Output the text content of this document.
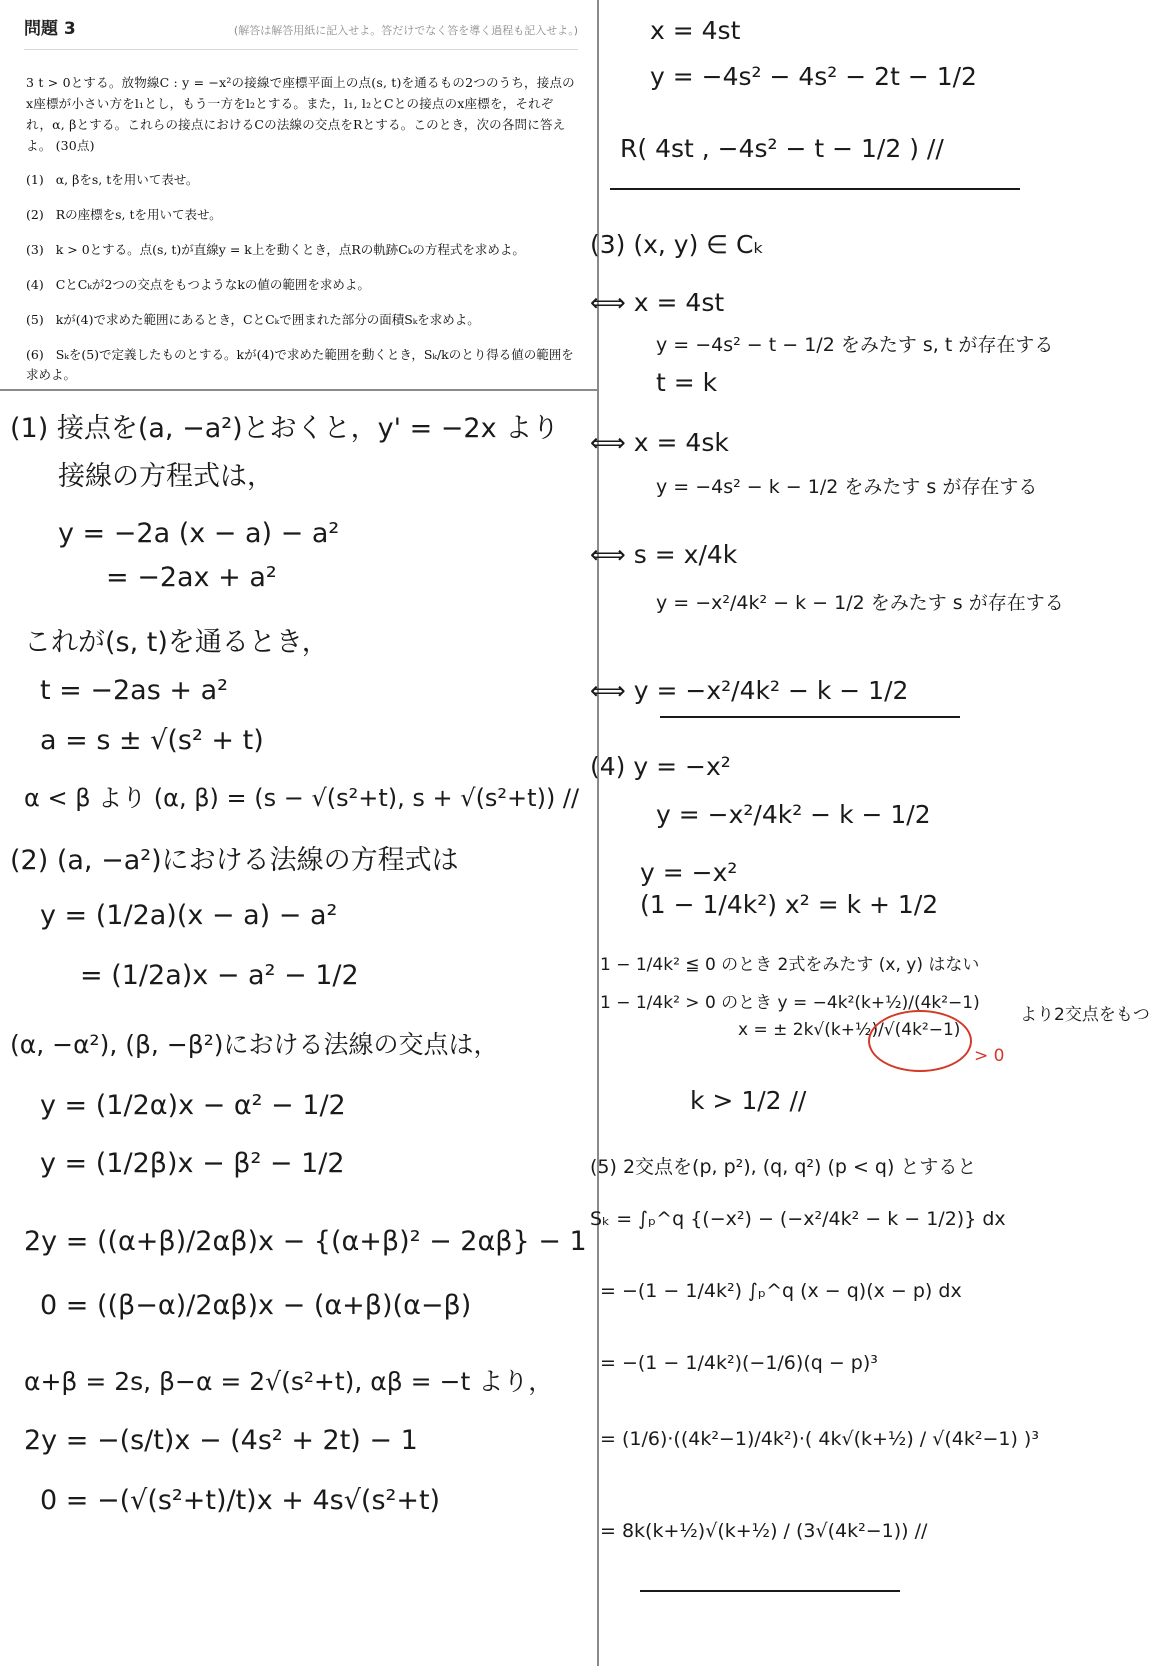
問題 3	(解答は解答用紙に記入せよ。答だけでなく答を導く過程も記入せよ。)

3 t > 0とする。放物線C : y = −x²の接線で座標平面上の点(s, t)を通るもの2つのうち，接点のx座標が小さい方をl₁とし，もう一方をl₂とする。また，l₁, l₂とCとの接点のx座標を，それぞれ，α, βとする。これらの接点におけるCの法線の交点をRとする。このとき，次の各問に答えよ。 (30点)

(1) α, βをs, tを用いて表せ。
(2) Rの座標をs, tを用いて表せ。
(3) k > 0とする。点(s, t)が直線y = k上を動くとき，点Rの軌跡Cₖの方程式を求めよ。
(4) CとCₖが2つの交点をもつようなkの値の範囲を求めよ。
(5) kが(4)で求めた範囲にあるとき，CとCₖで囲まれた部分の面積Sₖを求めよ。
(6) Sₖを(5)で定義したものとする。kが(4)で求めた範囲を動くとき，Sₖ/kのとり得る値の範囲を求めよ。
(1) 接点を(a, −a²)とおくと，y' = −2x より
接線の方程式は，
y = −2a (x − a) − a²
= −2ax + a²
これが(s, t)を通るとき，
t = −2as + a²
a = s ± √(s² + t)
α < β より (α, β) = (s − √(s²+t), s + √(s²+t)) //
(2) (a, −a²)における法線の方程式は
y = (1/2a)(x − a) − a²
= (1/2a)x − a² − 1/2
(α, −α²), (β, −β²)における法線の交点は，
y = (1/2α)x − α² − 1/2
y = (1/2β)x − β² − 1/2
2y = ((α+β)/2αβ)x − {(α+β)² − 2αβ} − 1
0 = ((β−α)/2αβ)x − (α+β)(α−β)
α+β = 2s, β−α = 2√(s²+t), αβ = −t より，
2y = −(s/t)x − (4s² + 2t) − 1
0 = −(√(s²+t)/t)x + 4s√(s²+t)
x = 4st
y = −4s² − 4s² − 2t − 1/2
R( 4st , −4s² − t − 1/2 ) //
(3) (x, y) ∈ Cₖ
⟺ x = 4st
y = −4s² − t − 1/2 をみたす s, t が存在する
t = k
⟺ x = 4sk
y = −4s² − k − 1/2 をみたす s が存在する
⟺ s = x/4k
y = −x²/4k² − k − 1/2 をみたす s が存在する
⟺ y = −x²/4k² − k − 1/2
(4) y = −x²
y = −x²/4k² − k − 1/2
y = −x²
(1 − 1/4k²) x² = k + 1/2
1 − 1/4k² ≦ 0 のとき 2式をみたす (x, y) はない
1 − 1/4k² > 0 のとき y = −4k²(k+½)/(4k²−1)
x = ± 2k√(k+½)/√(4k²−1)
> 0
より2交点をもつ
k > 1/2 //
(5) 2交点を(p, p²), (q, q²) (p < q) とすると
Sₖ = ∫ₚ^q {(−x²) − (−x²/4k² − k − 1/2)} dx
= −(1 − 1/4k²) ∫ₚ^q (x − q)(x − p) dx
= −(1 − 1/4k²)(−1/6)(q − p)³
= (1/6)·((4k²−1)/4k²)·( 4k√(k+½) / √(4k²−1) )³
= 8k(k+½)√(k+½) / (3√(4k²−1)) //
